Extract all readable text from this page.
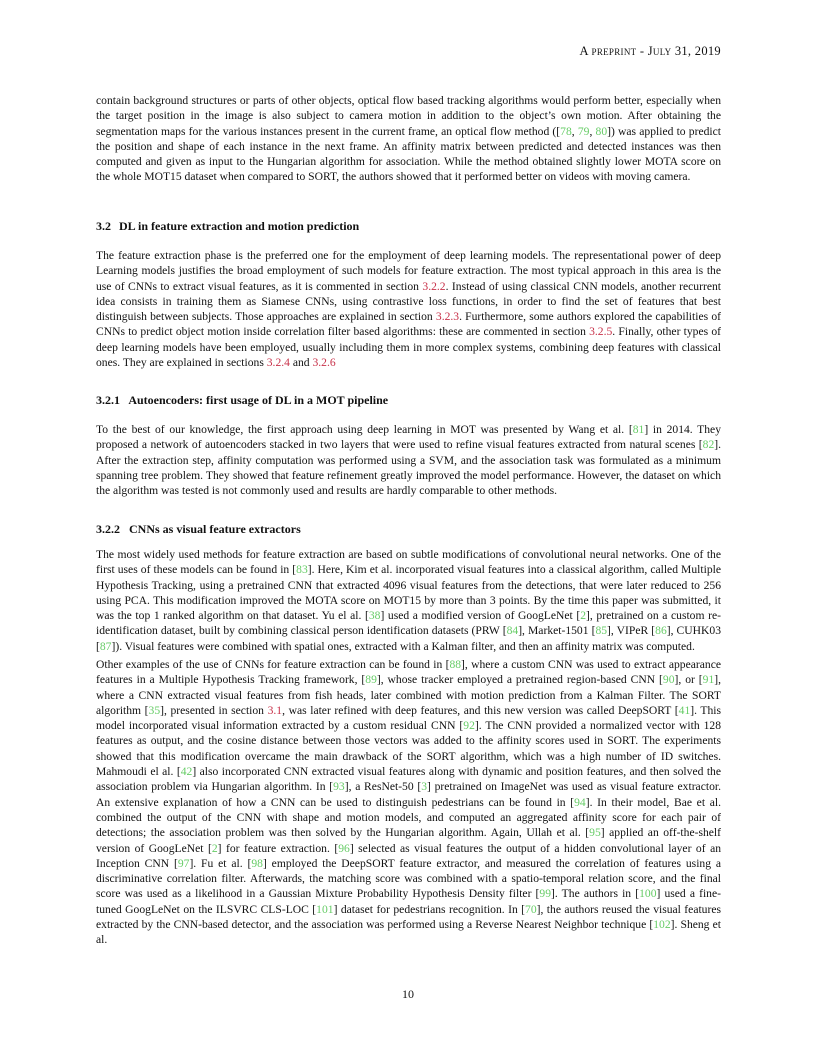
A preprint - July 31, 2019
contain background structures or parts of other objects, optical flow based tracking algorithms would perform better, especially when the target position in the image is also subject to camera motion in addition to the object’s own motion. After obtaining the segmentation maps for the various instances present in the current frame, an optical flow method ([78, 79, 80]) was applied to predict the position and shape of each instance in the next frame. An affinity matrix between predicted and detected instances was then computed and given as input to the Hungarian algorithm for association. While the method obtained slightly lower MOTA score on the whole MOT15 dataset when compared to SORT, the authors showed that it performed better on videos with moving camera.
3.2 DL in feature extraction and motion prediction
The feature extraction phase is the preferred one for the employment of deep learning models. The representational power of deep Learning models justifies the broad employment of such models for feature extraction. The most typical approach in this area is the use of CNNs to extract visual features, as it is commented in section 3.2.2. Instead of using classical CNN models, another recurrent idea consists in training them as Siamese CNNs, using contrastive loss functions, in order to find the set of features that best distinguish between subjects. Those approaches are explained in section 3.2.3. Furthermore, some authors explored the capabilities of CNNs to predict object motion inside correlation filter based algorithms: these are commented in section 3.2.5. Finally, other types of deep learning models have been employed, usually including them in more complex systems, combining deep features with classical ones. They are explained in sections 3.2.4 and 3.2.6
3.2.1 Autoencoders: first usage of DL in a MOT pipeline
To the best of our knowledge, the first approach using deep learning in MOT was presented by Wang et al. [81] in 2014. They proposed a network of autoencoders stacked in two layers that were used to refine visual features extracted from natural scenes [82]. After the extraction step, affinity computation was performed using a SVM, and the association task was formulated as a minimum spanning tree problem. They showed that feature refinement greatly improved the model performance. However, the dataset on which the algorithm was tested is not commonly used and results are hardly comparable to other methods.
3.2.2 CNNs as visual feature extractors
The most widely used methods for feature extraction are based on subtle modifications of convolutional neural networks. One of the first uses of these models can be found in [83]. Here, Kim et al. incorporated visual features into a classical algorithm, called Multiple Hypothesis Tracking, using a pretrained CNN that extracted 4096 visual features from the detections, that were later reduced to 256 using PCA. This modification improved the MOTA score on MOT15 by more than 3 points. By the time this paper was submitted, it was the top 1 ranked algorithm on that dataset. Yu el al. [38] used a modified version of GoogLeNet [2], pretrained on a custom re-identification dataset, built by combining classical person identification datasets (PRW [84], Market-1501 [85], VIPeR [86], CUHK03 [87]). Visual features were combined with spatial ones, extracted with a Kalman filter, and then an affinity matrix was computed.
Other examples of the use of CNNs for feature extraction can be found in [88], where a custom CNN was used to extract appearance features in a Multiple Hypothesis Tracking framework, [89], whose tracker employed a pretrained region-based CNN [90], or [91], where a CNN extracted visual features from fish heads, later combined with motion prediction from a Kalman Filter. The SORT algorithm [35], presented in section 3.1, was later refined with deep features, and this new version was called DeepSORT [41]. This model incorporated visual information extracted by a custom residual CNN [92]. The CNN provided a normalized vector with 128 features as output, and the cosine distance between those vectors was added to the affinity scores used in SORT. The experiments showed that this modification overcame the main drawback of the SORT algorithm, which was a high number of ID switches. Mahmoudi el al. [42] also incorporated CNN extracted visual features along with dynamic and position features, and then solved the association problem via Hungarian algorithm. In [93], a ResNet-50 [3] pretrained on ImageNet was used as visual feature extractor. An extensive explanation of how a CNN can be used to distinguish pedestrians can be found in [94]. In their model, Bae et al. combined the output of the CNN with shape and motion models, and computed an aggregated affinity score for each pair of detections; the association problem was then solved by the Hungarian algorithm. Again, Ullah et al. [95] applied an off-the-shelf version of GoogLeNet [2] for feature extraction. [96] selected as visual features the output of a hidden convolutional layer of an Inception CNN [97]. Fu et al. [98] employed the DeepSORT feature extractor, and measured the correlation of features using a discriminative correlation filter. Afterwards, the matching score was combined with a spatio-temporal relation score, and the final score was used as a likelihood in a Gaussian Mixture Probability Hypothesis Density filter [99]. The authors in [100] used a fine-tuned GoogLeNet on the ILSVRC CLS-LOC [101] dataset for pedestrians recognition. In [70], the authors reused the visual features extracted by the CNN-based detector, and the association was performed using a Reverse Nearest Neighbor technique [102]. Sheng et al.
10
